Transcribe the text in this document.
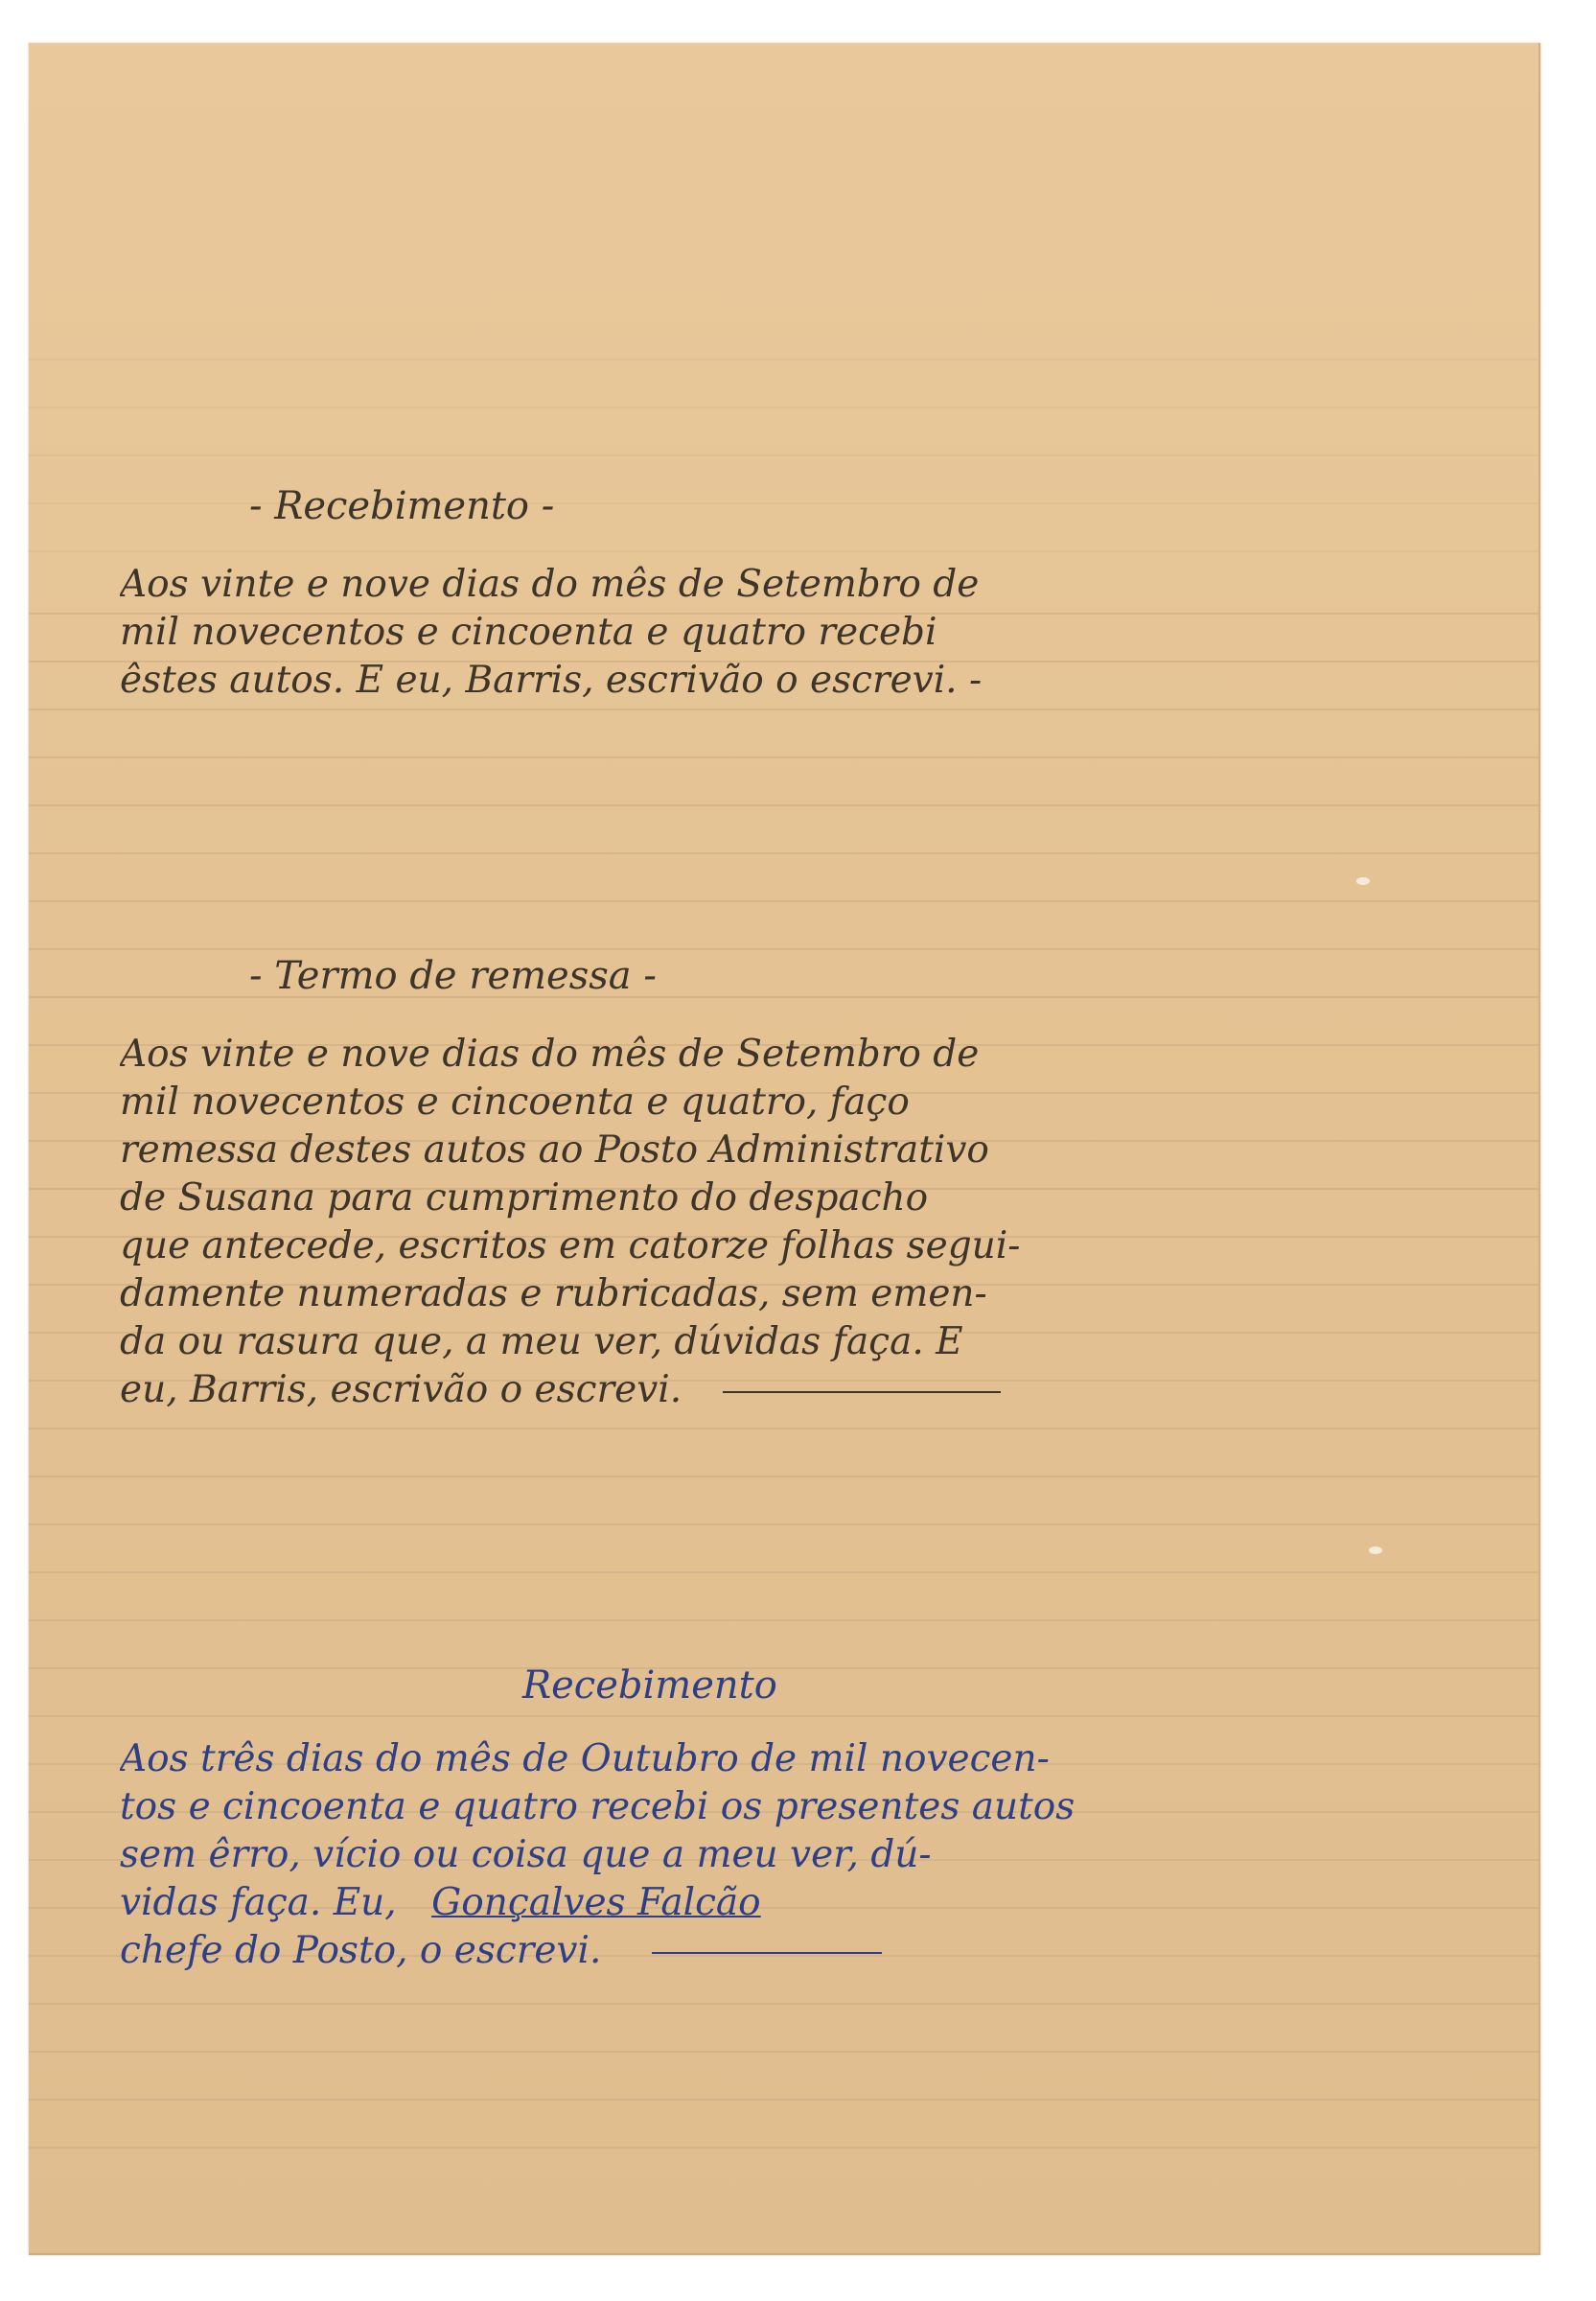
- Recebimento -
Aos vinte e nove dias do mês de Setembro de
mil novecentos e cincoenta e quatro recebi
êstes autos. E eu, Barris, escrivão o escrevi. -
- Termo de remessa -
Aos vinte e nove dias do mês de Setembro de
mil novecentos e cincoenta e quatro, faço
remessa destes autos ao Posto Administrativo
de Susana para cumprimento do despacho
que antecede, escritos em catorze folhas segui-
damente numeradas e rubricadas, sem emen-
da ou rasura que, a meu ver, dúvidas faça. E
eu, Barris, escrivão o escrevi.
Recebimento
Aos três dias do mês de Outubro de mil novecen-
tos e cincoenta e quatro recebi os presentes autos
sem êrro, vício ou coisa que a meu ver, dú-
vidas faça. Eu, Gonçalves Falcão
chefe do Posto, o escrevi.
